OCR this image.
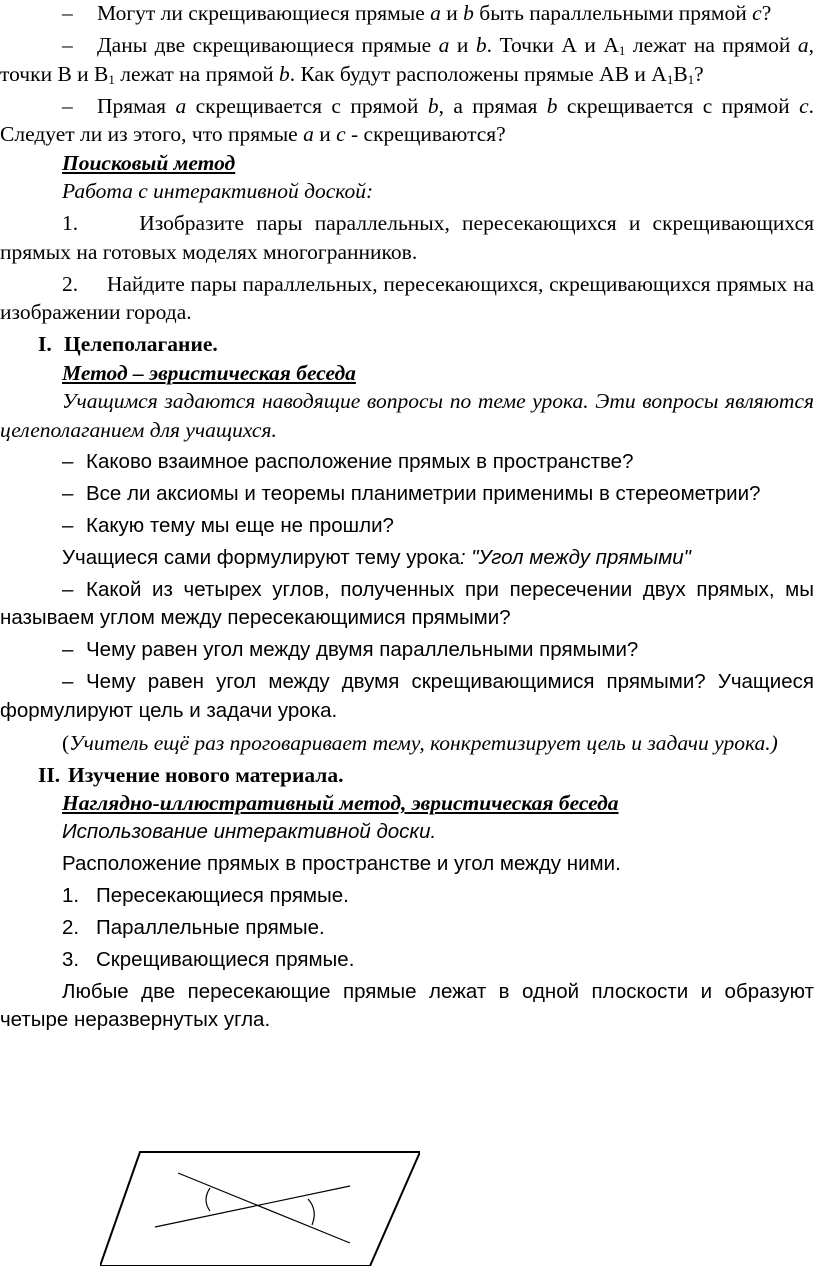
– Могут ли скрещивающиеся прямые a и b быть параллельными прямой c?

– Даны две скрещивающиеся прямые a и b. Точки А и $А_1$ лежат на прямой a, точки В и $В_1$ лежат на прямой b. Как будут расположены прямые АВ и $А_1В_1$?

– Прямая a скрещивается с прямой b, а прямая b скрещивается с прямой c. Следует ли из этого, что прямые a и c - скрещиваются?

Поисковый метод

Работа с интерактивной доской:

1.     Изобразите пары параллельных, пересекающихся и скрещивающихся прямых на готовых моделях многогранников.

2.     Найдите пары параллельных, пересекающихся, скрещивающихся прямых на изображении города.

I. Целеполагание.

Метод – эвристическая беседа

Учащимся задаются наводящие вопросы по теме урока. Эти вопросы являются целеполаганием для учащихся.

– Каково взаимное расположение прямых в пространстве?

– Все ли аксиомы и теоремы планиметрии применимы в стереометрии?

– Какую тему мы еще не прошли?

Учащиеся сами формулируют тему урока: "Угол между прямыми"

– Какой из четырех углов, полученных при пересечении двух прямых, мы называем углом между пересекающимися прямыми?

– Чему равен угол между двумя параллельными прямыми?

– Чему равен угол между двумя скрещивающимися прямыми? Учащиеся формулируют цель и задачи урока.

(Учитель ещё раз проговаривает тему, конкретизирует цель и задачи урока.)

II. Изучение нового материала.

Наглядно-иллюстративный метод, эвристическая беседа

Использование интерактивной доски.

Расположение прямых в пространстве и угол между ними.

1. Пересекающиеся прямые.
2. Параллельные прямые.
3. Скрещивающиеся прямые.

Любые две пересекающие прямые лежат в одной плоскости и образуют четыре неразвернутых угла.
